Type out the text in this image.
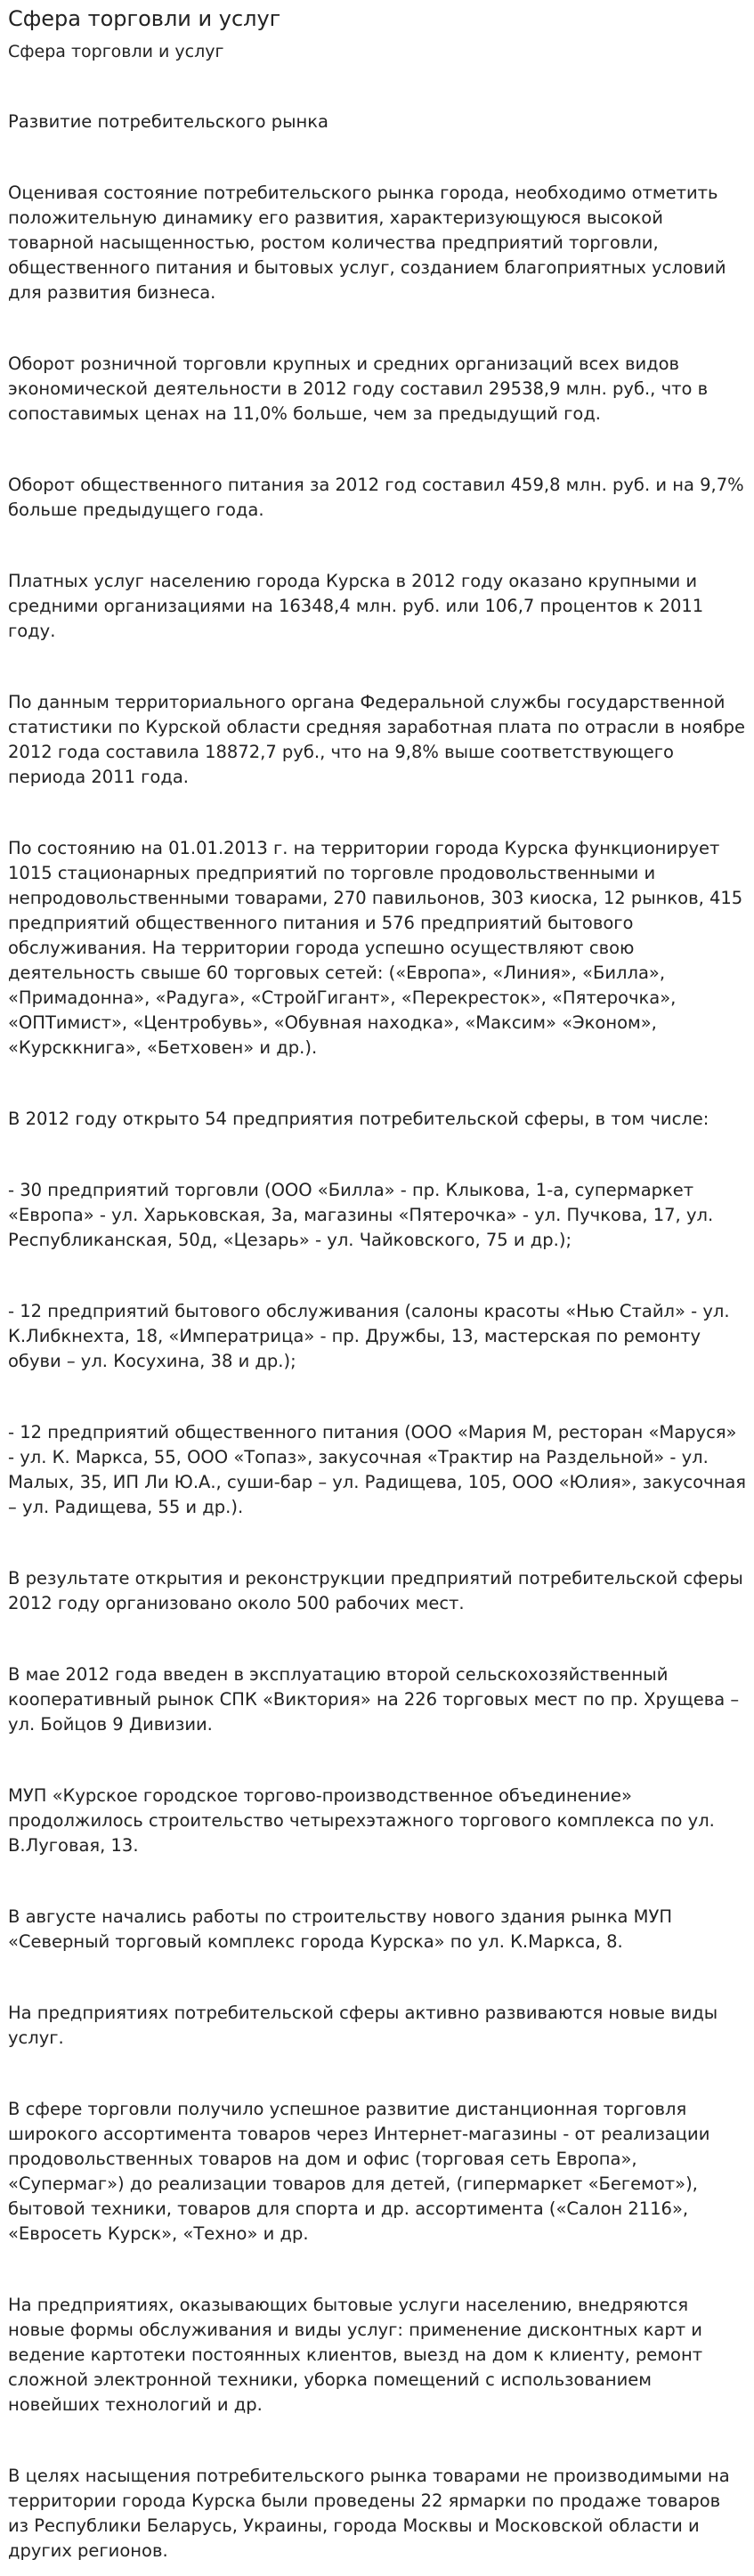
Сфера торговли и услуг

Сфера торговли и услуг

Развитие потребительского рынка

Оценивая состояние потребительского рынка города, необходимо отметить положительную динамику его развития, характеризующуюся высокой товарной насыщенностью, ростом количества предприятий торговли, общественного питания и бытовых услуг, созданием благоприятных условий для развития бизнеса.

Оборот розничной торговли крупных и средних организаций всех видов экономической деятельности в 2012 году составил 29538,9 млн. руб., что в сопоставимых ценах на 11,0% больше, чем за предыдущий год.

Оборот общественного питания за 2012 год составил 459,8 млн. руб. и на 9,7% больше предыдущего года.

Платных услуг населению города Курска в 2012 году оказано крупными и средними организациями на 16348,4 млн. руб. или 106,7 процентов к 2011 году.

По данным территориального органа Федеральной службы государственной статистики по Курской области средняя заработная плата по отрасли в ноябре 2012 года составила 18872,7 руб., что на 9,8% выше соответствующего периода 2011 года.

По состоянию на 01.01.2013 г. на территории города Курска функционирует 1015 стационарных предприятий по торговле продовольственными и непродовольственными товарами, 270 павильонов, 303 киоска, 12 рынков, 415 предприятий общественного питания и 576 предприятий бытового обслуживания. На территории города успешно осуществляют свою деятельность свыше 60 торговых сетей: («Европа», «Линия», «Билла», «Примадонна», «Радуга», «СтройГигант», «Перекресток», «Пятерочка», «ОПТимист», «Центробувь», «Обувная находка», «Максим» «Эконом», «Курсккнига», «Бетховен» и др.).

В 2012 году открыто 54 предприятия потребительской сферы, в том числе:

- 30 предприятий торговли (ООО «Билла» - пр. Клыкова, 1-а, супермаркет «Европа» - ул. Харьковская, 3а, магазины «Пятерочка» - ул. Пучкова, 17, ул. Республиканская, 50д, «Цезарь» - ул. Чайковского, 75 и др.);

- 12 предприятий бытового обслуживания (салоны красоты «Нью Стайл» - ул. К.Либкнехта, 18, «Императрица» - пр. Дружбы, 13, мастерская по ремонту обуви – ул. Косухина, 38 и др.);

- 12 предприятий общественного питания (ООО «Мария М, ресторан «Маруся» - ул. К. Маркса, 55, ООО «Топаз», закусочная «Трактир на Раздельной» - ул. Малых, 35, ИП Ли Ю.А., суши-бар – ул. Радищева, 105, ООО «Юлия», закусочная – ул. Радищева, 55 и др.).

В результате открытия и реконструкции предприятий потребительской сферы 2012 году организовано около 500 рабочих мест.

В мае 2012 года введен в эксплуатацию второй сельскохозяйственный кооперативный рынок СПК «Виктория» на 226 торговых мест по пр. Хрущева – ул. Бойцов 9 Дивизии.

МУП «Курское городское торгово-производственное объединение» продолжилось строительство четырехэтажного торгового комплекса по ул. В.Луговая, 13.

В августе начались работы по строительству нового здания рынка МУП «Северный торговый комплекс города Курска» по ул. К.Маркса, 8.

На предприятиях потребительской сферы активно развиваются новые виды услуг.

В сфере торговли получило успешное развитие дистанционная торговля широкого ассортимента товаров через Интернет-магазины - от реализации продовольственных товаров на дом и офис (торговая сеть Европа», «Супермаг») до реализации товаров для детей, (гипермаркет «Бегемот»), бытовой техники, товаров для спорта и др. ассортимента («Салон 2116», «Евросеть Курск», «Техно» и др.

На предприятиях, оказывающих бытовые услуги населению, внедряются новые формы обслуживания и виды услуг: применение дисконтных карт и ведение картотеки постоянных клиентов, выезд на дом к клиенту, ремонт сложной электронной техники, уборка помещений с использованием новейших технологий и др.

В целях насыщения потребительского рынка товарами не производимыми на территории города Курска были проведены 22 ярмарки по продаже товаров из Республики Беларусь, Украины, города Москвы и Московской области и других регионов.
